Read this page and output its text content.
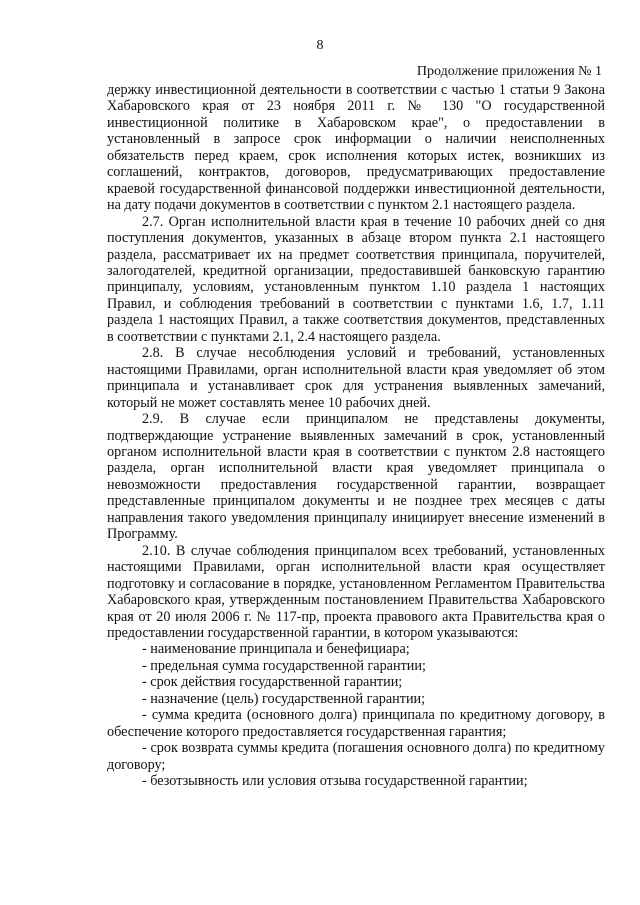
8
Продолжение приложения № 1

держку инвестиционной деятельности в соответствии с частью 1 статьи 9 Закона Хабаровского края от 23 ноября 2011 г. № 130 "О государственной инвестиционной политике в Хабаровском крае", о предоставлении в установленный в запросе срок информации о наличии неисполненных обязательств перед краем, срок исполнения которых истек, возникших из соглашений, контрактов, договоров, предусматривающих предоставление краевой государственной финансовой поддержки инвестиционной деятельности, на дату подачи документов в соответствии с пунктом 2.1 настоящего раздела.

2.7. Орган исполнительной власти края в течение 10 рабочих дней со дня поступления документов, указанных в абзаце втором пункта 2.1 настоящего раздела, рассматривает их на предмет соответствия принципала, поручителей, залогодателей, кредитной организации, предоставившей банковскую гарантию принципалу, условиям, установленным пунктом 1.10 раздела 1 настоящих Правил, и соблюдения требований в соответствии с пунктами 1.6, 1.7, 1.11 раздела 1 настоящих Правил, а также соответствия документов, представленных в соответствии с пунктами 2.1, 2.4 настоящего раздела.

2.8. В случае несоблюдения условий и требований, установленных настоящими Правилами, орган исполнительной власти края уведомляет об этом принципала и устанавливает срок для устранения выявленных замечаний, который не может составлять менее 10 рабочих дней.

2.9. В случае если принципалом не представлены документы, подтверждающие устранение выявленных замечаний в срок, установленный органом исполнительной власти края в соответствии с пунктом 2.8 настоящего раздела, орган исполнительной власти края уведомляет принципала о невозможности предоставления государственной гарантии, возвращает представленные принципалом документы и не позднее трех месяцев с даты направления такого уведомления принципалу инициирует внесение изменений в Программу.

2.10. В случае соблюдения принципалом всех требований, установленных настоящими Правилами, орган исполнительной власти края осуществляет подготовку и согласование в порядке, установленном Регламентом Правительства Хабаровского края, утвержденным постановлением Правительства Хабаровского края от 20 июля 2006 г. № 117-пр, проекта правового акта Правительства края о предоставлении государственной гарантии, в котором указываются:

- наименование принципала и бенефициара;

- предельная сумма государственной гарантии;

- срок действия государственной гарантии;

- назначение (цель) государственной гарантии;

- сумма кредита (основного долга) принципала по кредитному договору, в обеспечение которого предоставляется государственная гарантия;

- срок возврата суммы кредита (погашения основного долга) по кредитному договору;

- безотзывность или условия отзыва государственной гарантии;
